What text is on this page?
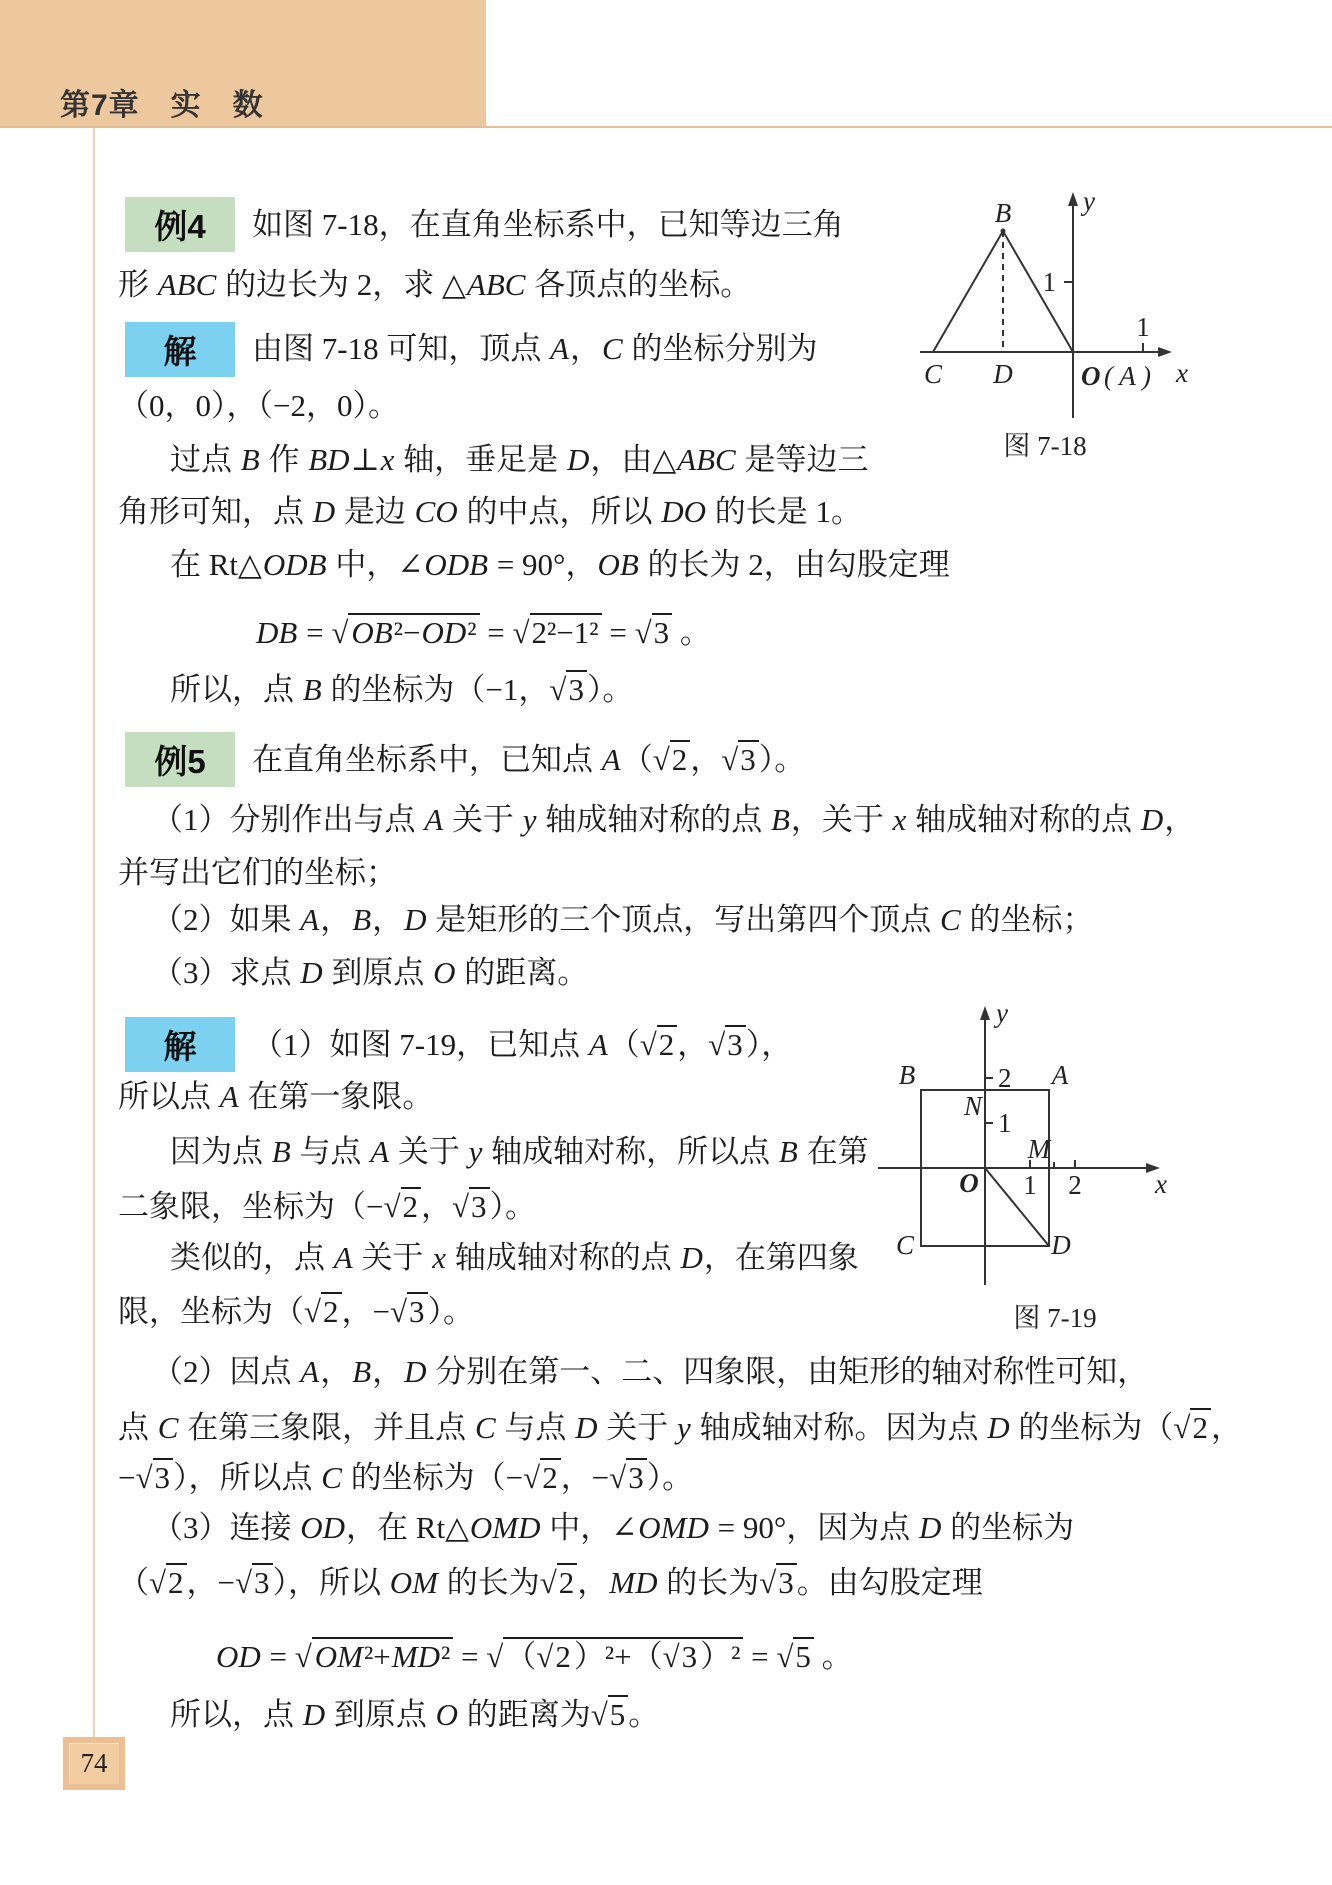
第7章　实　数
例4	如图 7-18，在直角坐标系中，已知等边三角
形 ABC 的边长为 2，求 △ABC 各顶点的坐标。
解	由图 7-18 可知，顶点 A，C 的坐标分别为
（0，0），（−2，0）。
过点 B 作 BD⊥x 轴，垂足是 D，由△ABC 是等边三
角形可知，点 D 是边 CO 的中点，所以 DO 的长是 1。
在 Rt△ODB 中，∠ODB = 90°，OB 的长为 2，由勾股定理
DB = √OB²−OD² = √2²−1² = √3 。
所以，点 B 的坐标为（−1，√3）。
B
C D	O ( A ) x
y
1
1
图 7-18
例5	在直角坐标系中，已知点 A（√2，√3）。
（1）分别作出与点 A 关于 y 轴成轴对称的点 B，关于 x 轴成轴对称的点 D，
并写出它们的坐标；
（2）如果 A，B，D 是矩形的三个顶点，写出第四个顶点 C 的坐标；
（3）求点 D 到原点 O 的距离。
解	（1）如图 7-19，已知点 A（√2，√3），
所以点 A 在第一象限。
因为点 B 与点 A 关于 y 轴成轴对称，所以点 B 在第
二象限，坐标为（−√2，√3）。
类似的，点 A 关于 x 轴成轴对称的点 D，在第四象
限，坐标为（√2，−√3）。
（2）因点 A，B，D 分别在第一、二、四象限，由矩形的轴对称性可知，
点 C 在第三象限，并且点 C 与点 D 关于 y 轴成轴对称。因为点 D 的坐标为（√2，
−√3），所以点 C 的坐标为（−√2，−√3）。
（3）连接 OD，在 Rt△OMD 中，∠OMD = 90°，因为点 D 的坐标为
（√2，−√3），所以 OM 的长为√2，MD 的长为√3。由勾股定理
OD = √OM²+MD² = √（√2）²+（√3）² = √5 。
所以，点 D 到原点 O 的距离为√5。
B	A
N
M
C	D
O	x
y
2
1
1 2
图 7-19
74
